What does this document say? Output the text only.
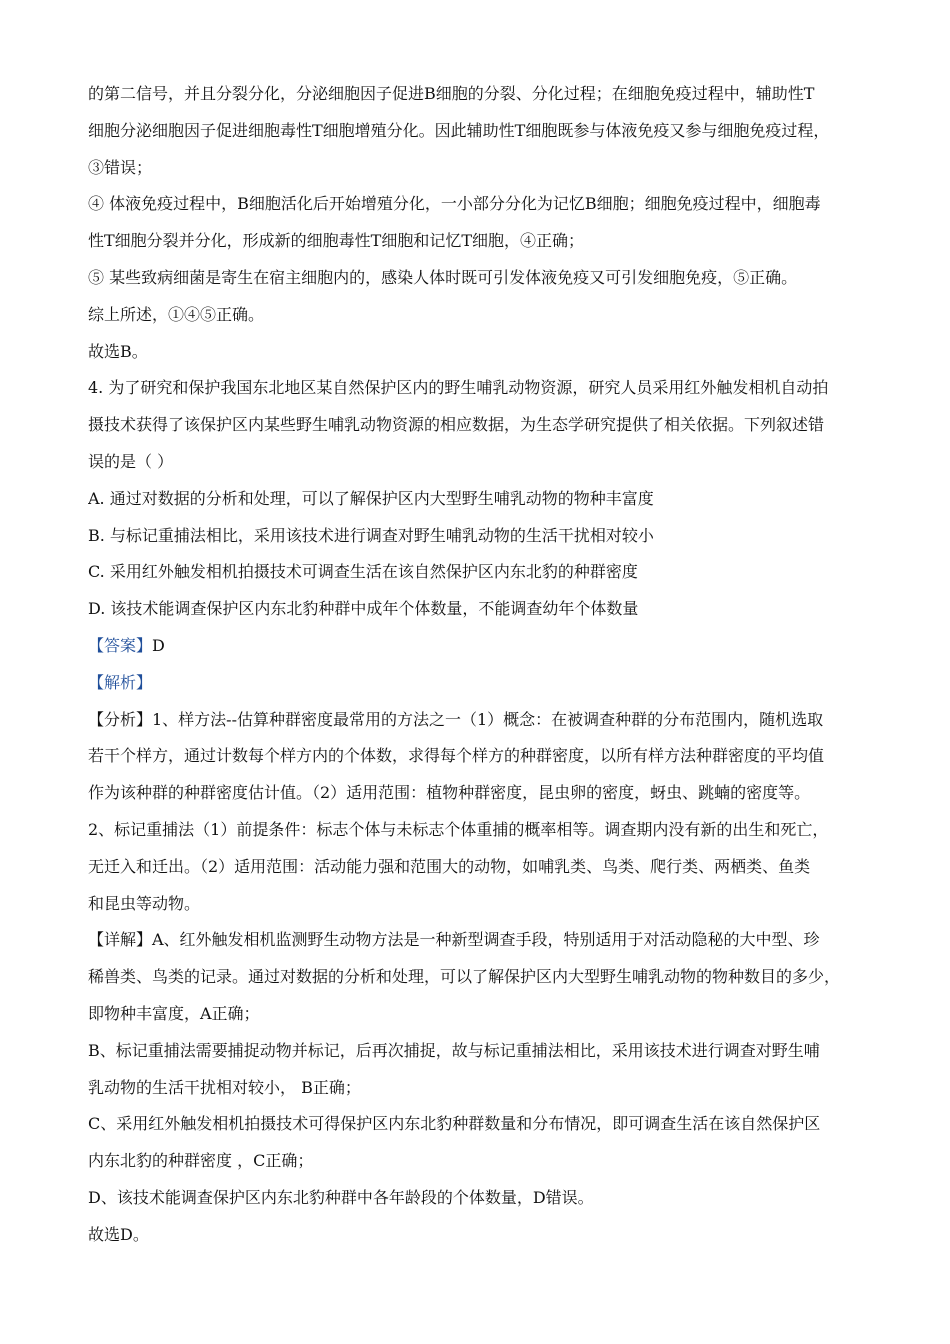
的第二信号，并且分裂分化，分泌细胞因子促进B细胞的分裂、分化过程；在细胞免疫过程中，辅助性T
细胞分泌细胞因子促进细胞毒性T细胞增殖分化。因此辅助性T细胞既参与体液免疫又参与细胞免疫过程，
③错误；
④ 体液免疫过程中，B细胞活化后开始增殖分化，一小部分分化为记忆B细胞；细胞免疫过程中，细胞毒
性T细胞分裂并分化，形成新的细胞毒性T细胞和记忆T细胞，④正确；
⑤ 某些致病细菌是寄生在宿主细胞内的，感染人体时既可引发体液免疫又可引发细胞免疫，⑤正确。
综上所述，①④⑤正确。
故选B。
4. 为了研究和保护我国东北地区某自然保护区内的野生哺乳动物资源，研究人员采用红外触发相机自动拍
摄技术获得了该保护区内某些野生哺乳动物资源的相应数据，为生态学研究提供了相关依据。下列叙述错
误的是（ ）
A. 通过对数据的分析和处理，可以了解保护区内大型野生哺乳动物的物种丰富度
B. 与标记重捕法相比，采用该技术进行调查对野生哺乳动物的生活干扰相对较小
C. 采用红外触发相机拍摄技术可调查生活在该自然保护区内东北豹的种群密度
D. 该技术能调查保护区内东北豹种群中成年个体数量，不能调查幼年个体数量
【答案】D
【解析】
【分析】1、样方法--估算种群密度最常用的方法之一（1）概念：在被调查种群的分布范围内，随机选取
若干个样方，通过计数每个样方内的个体数，求得每个样方的种群密度，以所有样方法种群密度的平均值
作为该种群的种群密度估计值。（2）适用范围：植物种群密度，昆虫卵的密度，蚜虫、跳蝻的密度等。
2、标记重捕法（1）前提条件：标志个体与未标志个体重捕的概率相等。调查期内没有新的出生和死亡，
无迁入和迁出。（2）适用范围：活动能力强和范围大的动物，如哺乳类、鸟类、爬行类、两栖类、鱼类
和昆虫等动物。
【详解】A、红外触发相机监测野生动物方法是一种新型调查手段，特别适用于对活动隐秘的大中型、珍
稀兽类、鸟类的记录。通过对数据的分析和处理，可以了解保护区内大型野生哺乳动物的物种数目的多少，
即物种丰富度，A正确；
B、标记重捕法需要捕捉动物并标记，后再次捕捉，故与标记重捕法相比，采用该技术进行调查对野生哺
乳动物的生活干扰相对较小， B正确；
C、采用红外触发相机拍摄技术可得保护区内东北豹种群数量和分布情况，即可调查生活在该自然保护区
内东北豹的种群密度 ，C正确；
D、该技术能调查保护区内东北豹种群中各年龄段的个体数量，D错误。
故选D。
